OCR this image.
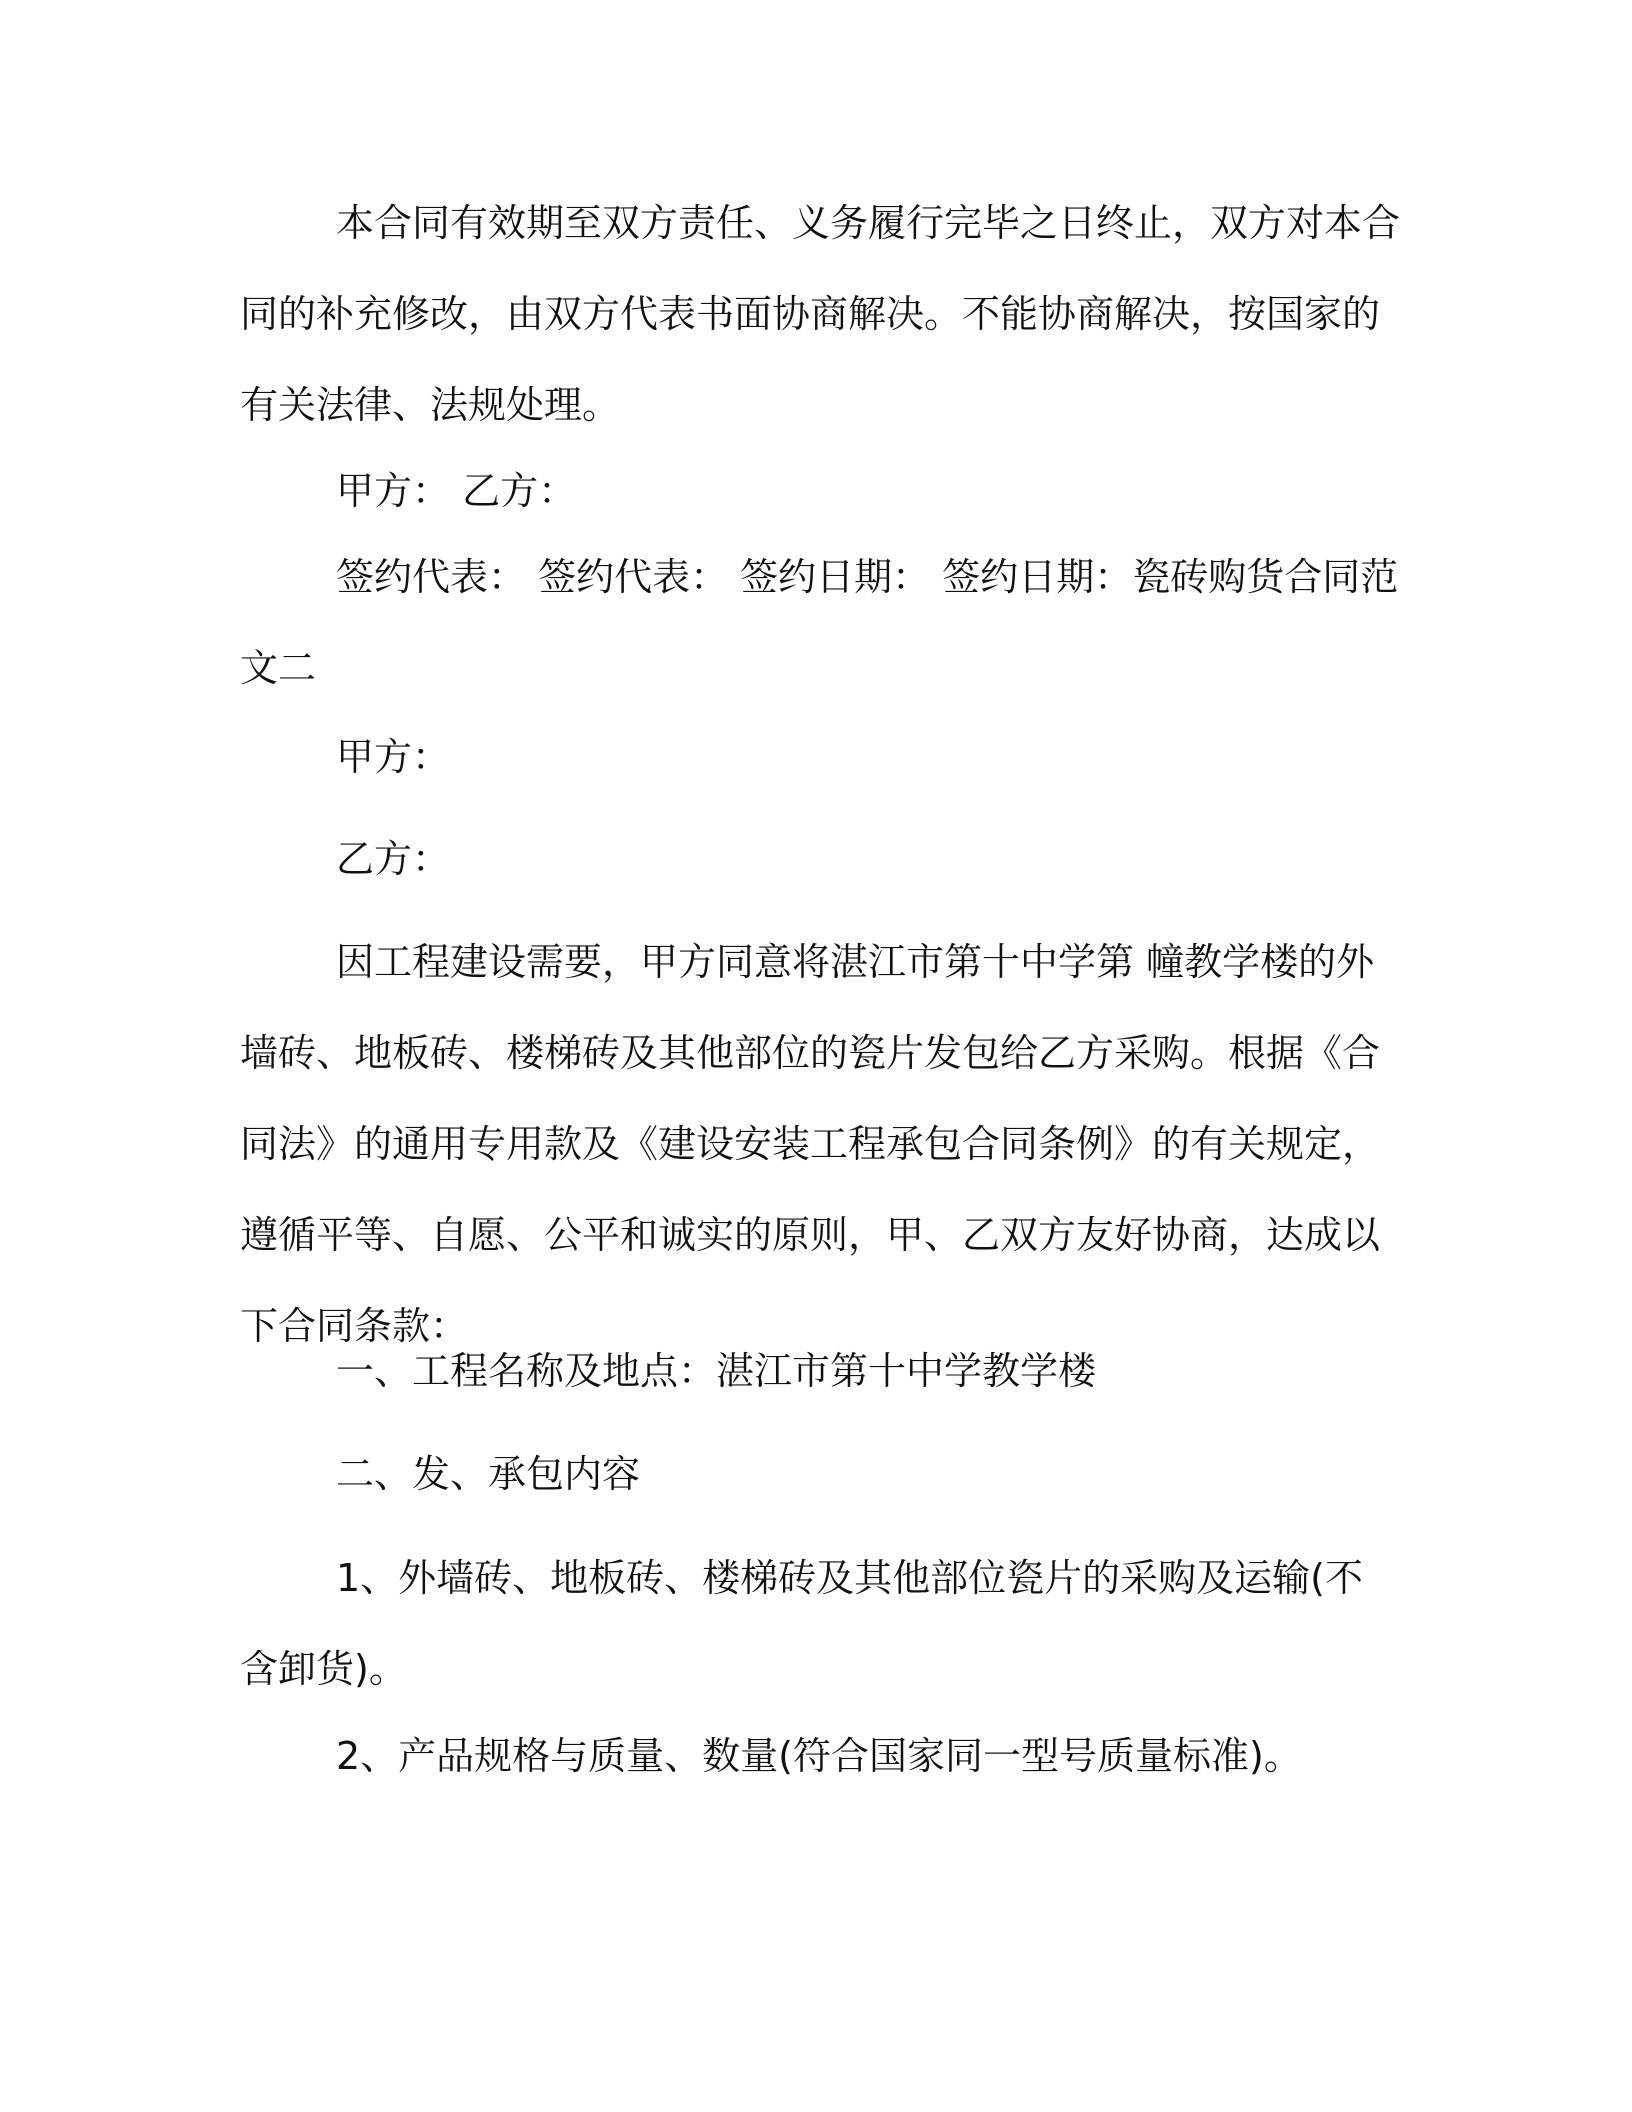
本合同有效期至双方责任、义务履行完毕之日终止，双方对本合同的补充修改，由双方代表书面协商解决。不能协商解决，按国家的有关法律、法规处理。

甲方： 乙方：

签约代表： 签约代表： 签约日期： 签约日期：瓷砖购货合同范文二

甲方：

乙方：

因工程建设需要，甲方同意将湛江市第十中学第 幢教学楼的外墙砖、地板砖、楼梯砖及其他部位的瓷片发包给乙方采购。根据《合同法》的通用专用款及《建设安装工程承包合同条例》的有关规定，遵循平等、自愿、公平和诚实的原则，甲、乙双方友好协商，达成以下合同条款：

一、工程名称及地点：湛江市第十中学教学楼

二、发、承包内容

1、外墙砖、地板砖、楼梯砖及其他部位瓷片的采购及运输(不含卸货)。

2、产品规格与质量、数量(符合国家同一型号质量标准)。
